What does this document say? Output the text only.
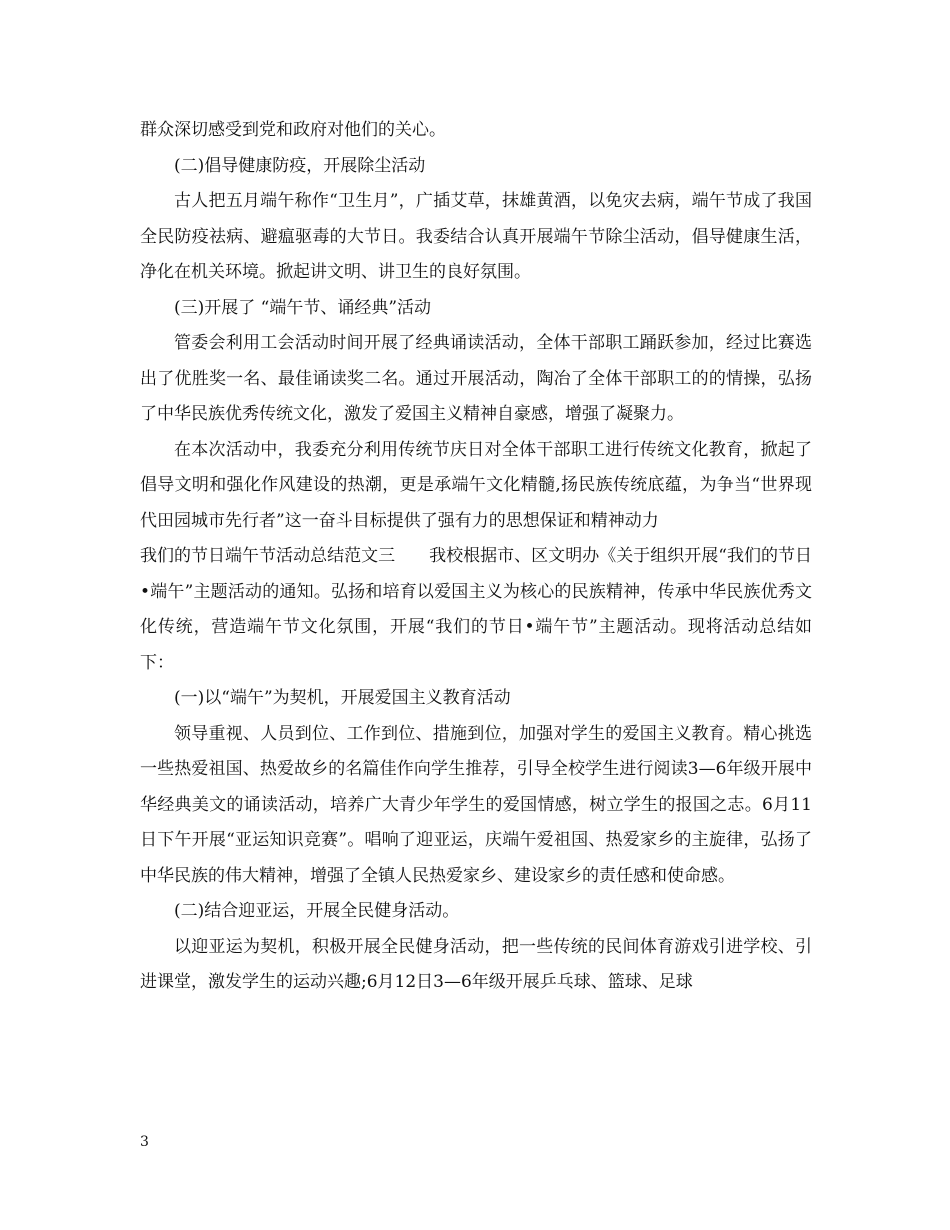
群众深切感受到党和政府对他们的关心。

(二)倡导健康防疫，开展除尘活动

古人把五月端午称作“卫生月”，广插艾草，抹雄黄酒，以免灾去病，端午节成了我国全民防疫祛病、避瘟驱毒的大节日。我委结合认真开展端午节除尘活动，倡导健康生活，净化在机关环境。掀起讲文明、讲卫生的良好氛围。

(三)开展了 “端午节、诵经典”活动

管委会利用工会活动时间开展了经典诵读活动，全体干部职工踊跃参加，经过比赛选出了优胜奖一名、最佳诵读奖二名。通过开展活动，陶冶了全体干部职工的的情操，弘扬了中华民族优秀传统文化，激发了爱国主义精神自豪感，增强了凝聚力。

在本次活动中，我委充分利用传统节庆日对全体干部职工进行传统文化教育，掀起了倡导文明和强化作风建设的热潮，更是承端午文化精髓,扬民族传统底蕴，为争当“世界现代田园城市先行者”这一奋斗目标提供了强有力的思想保证和精神动力

我们的节日端午节活动总结范文三　　我校根据市、区文明办《关于组织开展“我们的节日•端午”主题活动的通知。弘扬和培育以爱国主义为核心的民族精神，传承中华民族优秀文化传统，营造端午节文化氛围，开展“我们的节日•端午节”主题活动。现将活动总结如下：

(一)以“端午”为契机，开展爱国主义教育活动

领导重视、人员到位、工作到位、措施到位，加强对学生的爱国主义教育。精心挑选一些热爱祖国、热爱故乡的名篇佳作向学生推荐，引导全校学生进行阅读3—6年级开展中华经典美文的诵读活动，培养广大青少年学生的爱国情感，树立学生的报国之志。6月11日下午开展“亚运知识竞赛”。唱响了迎亚运，庆端午爱祖国、热爱家乡的主旋律，弘扬了中华民族的伟大精神，增强了全镇人民热爱家乡、建设家乡的责任感和使命感。

(二)结合迎亚运，开展全民健身活动。

以迎亚运为契机，积极开展全民健身活动，把一些传统的民间体育游戏引进学校、引进课堂，激发学生的运动兴趣;6月12日3—6年级开展乒乓球、篮球、足球

3
